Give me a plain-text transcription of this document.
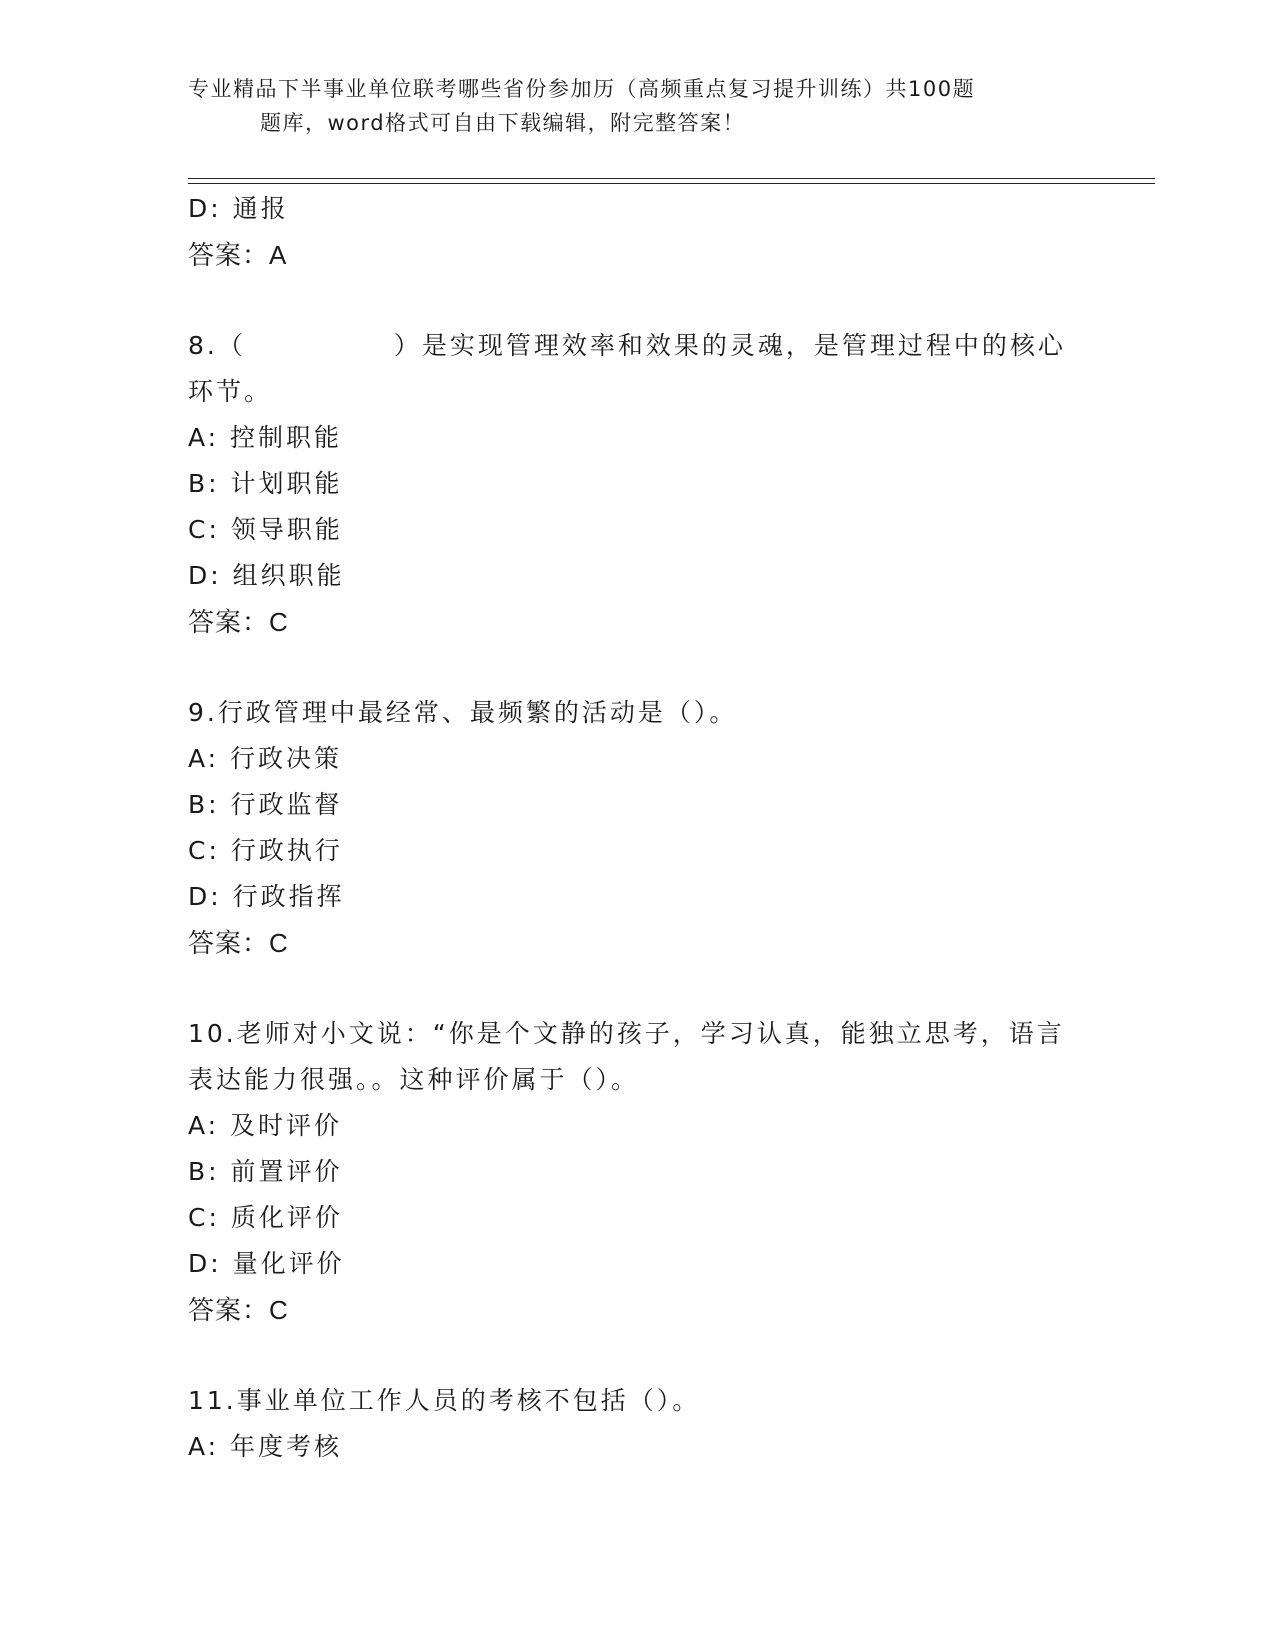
专业精品下半事业单位联考哪些省份参加历（高频重点复习提升训练）共100题
题库，word格式可自由下载编辑，附完整答案！
D: 通报
答案：A

8.（	）是实现管理效率和效果的灵魂，是管理过程中的核心环节。

A: 控制职能
B: 计划职能
C: 领导职能
D: 组织职能
答案：C
9.行政管理中最经常、最频繁的活动是（）。
A: 行政决策
B: 行政监督
C: 行政执行
D: 行政指挥
答案：C

10.老师对小文说：“你是个文静的孩子，学习认真，能独立思考，语言表达能力很强。。这种评价属于（）。

A: 及时评价
B: 前置评价
C: 质化评价
D: 量化评价
答案：C
11.事业单位工作人员的考核不包括（）。
A: 年度考核
